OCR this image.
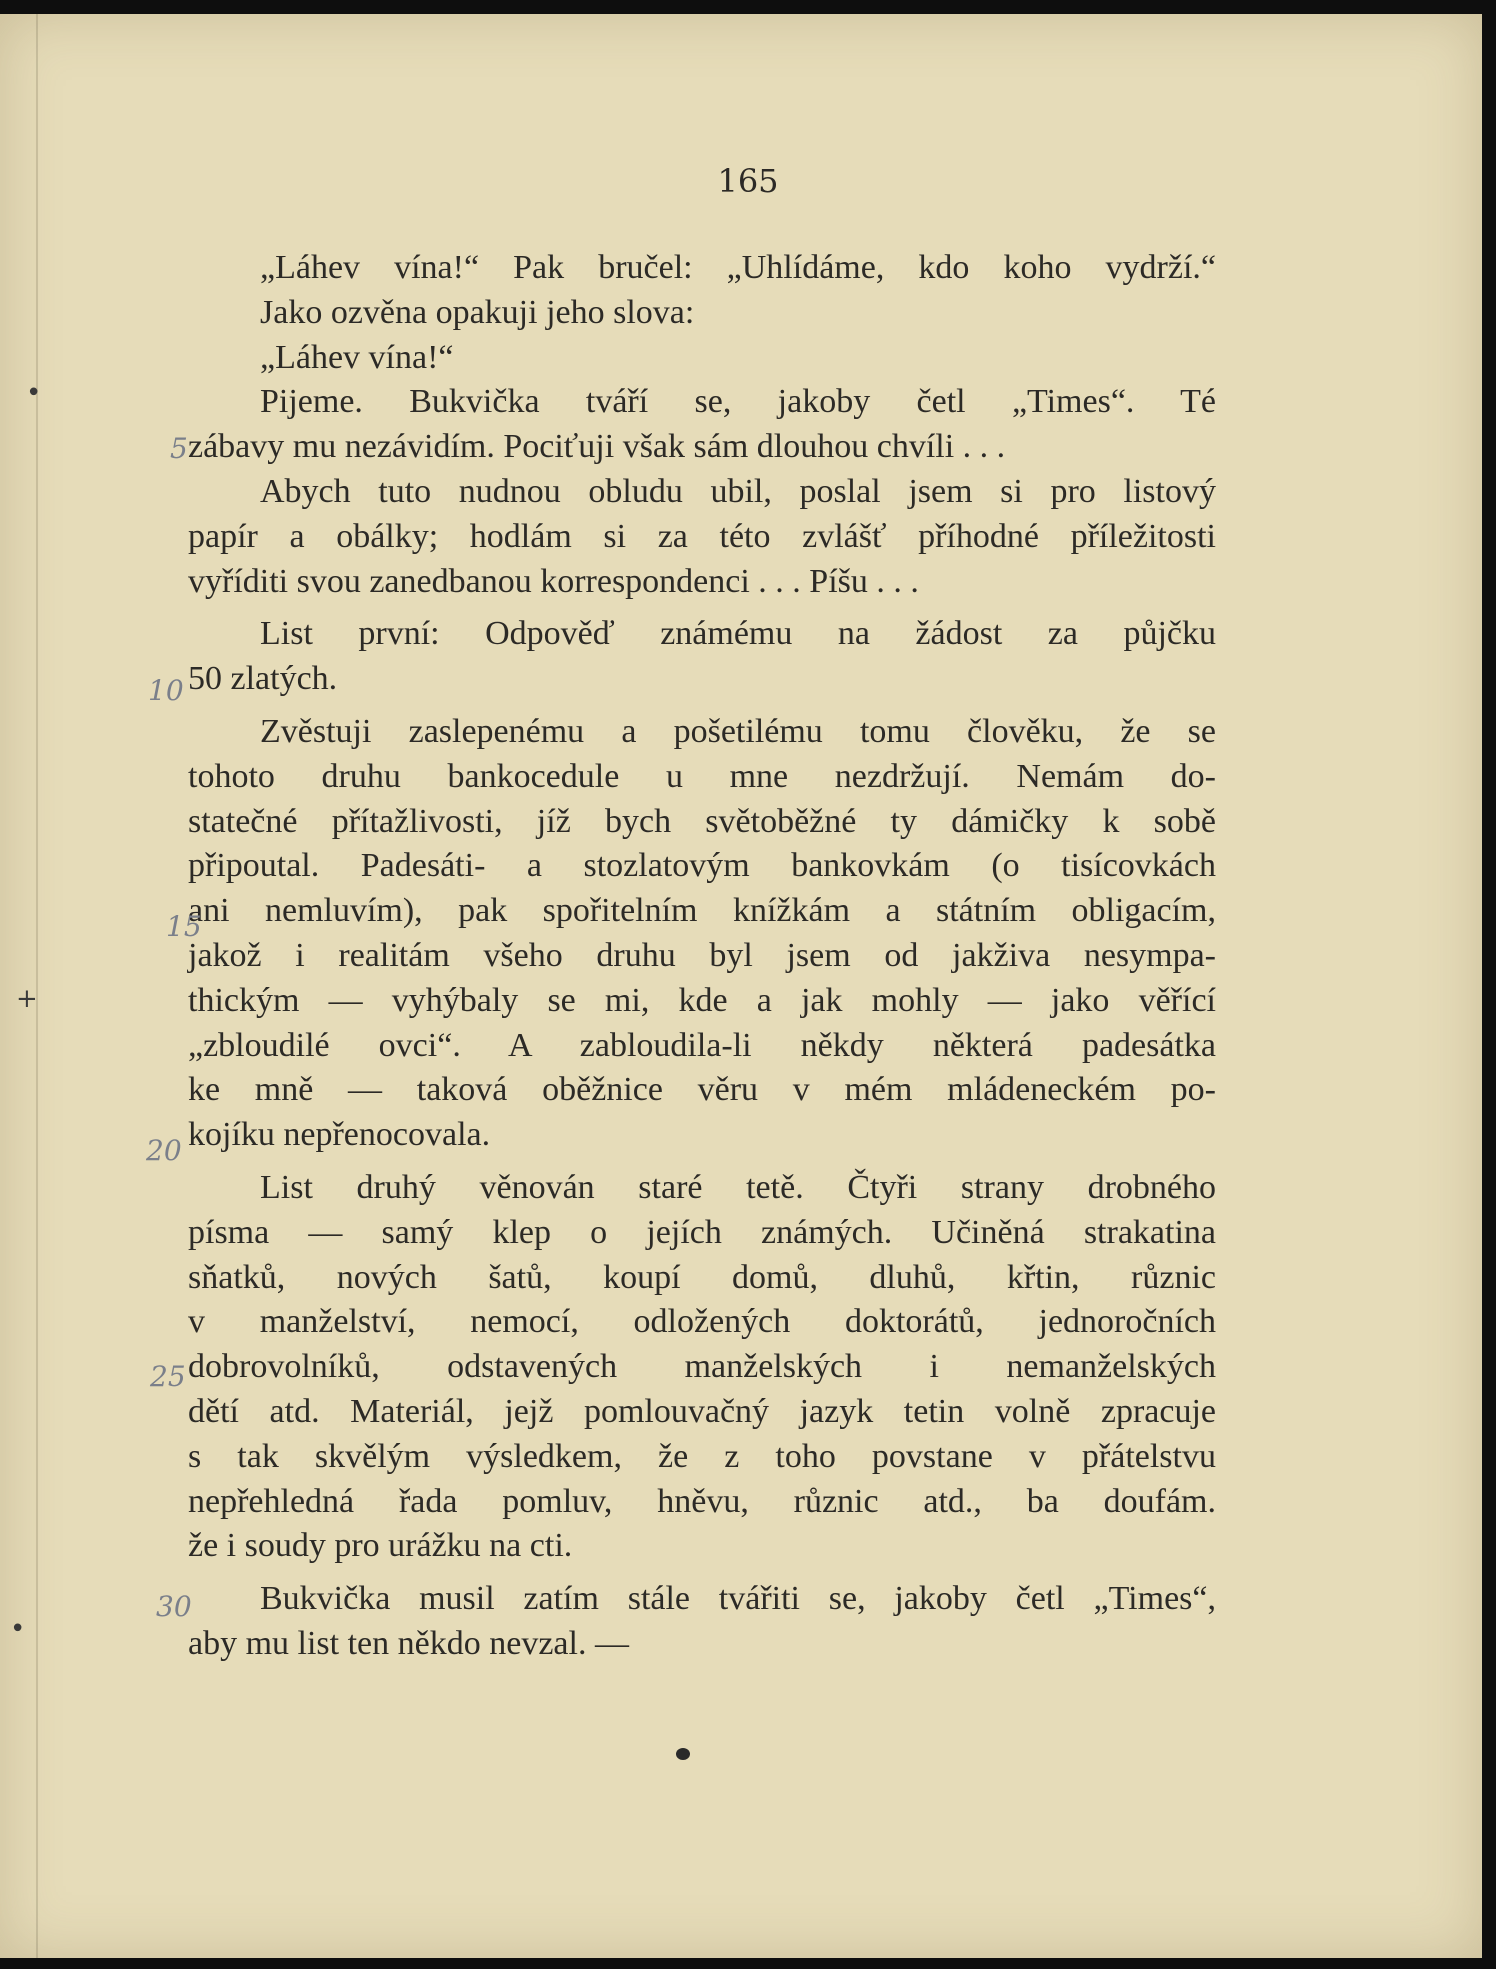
165
„Láhev vína!“ Pak bručel: „Uhlídáme, kdo koho vydrží.“
Jako ozvěna opakuji jeho slova:
„Láhev vína!“
Pijeme. Bukvička tváří se, jakoby četl „Times“. Té
zábavy mu nezávidím. Pociťuji však sám dlouhou chvíli . . .
Abych tuto nudnou obludu ubil, poslal jsem si pro listový
papír a obálky; hodlám si za této zvlášť příhodné příležitosti
vyříditi svou zanedbanou korrespondenci . . . Píšu . . .
List první: Odpověď známému na žádost za půjčku
50 zlatých.
Zvěstuji zaslepenému a pošetilému tomu člověku, že se
tohoto druhu bankocedule u mne nezdržují. Nemám do-
statečné přítažlivosti, jíž bych světoběžné ty dámičky k sobě
připoutal. Padesáti- a stozlatovým bankovkám (o tisícovkách
ani nemluvím), pak spořitelním knížkám a státním obligacím,
jakož i realitám všeho druhu byl jsem od jakživa nesympa-
thickým — vyhýbaly se mi, kde a jak mohly — jako věřící
„zbloudilé ovci“. A zabloudila-li někdy některá padesátka
ke mně — taková oběžnice věru v mém mládeneckém po-
kojíku nepřenocovala.
List druhý věnován staré tetě. Čtyři strany drobného
písma — samý klep o jejích známých. Učiněná strakatina
sňatků, nových šatů, koupí domů, dluhů, křtin, různic
v manželství, nemocí, odložených doktorátů, jednoročních
dobrovolníků, odstavených manželských i nemanželských
dětí atd. Materiál, jejž pomlouvačný jazyk tetin volně zpracuje
s tak skvělým výsledkem, že z toho povstane v přátelstvu
nepřehledná řada pomluv, hněvu, různic atd., ba doufám.
že i soudy pro urážku na cti.
Bukvička musil zatím stále tvářiti se, jakoby četl „Times“,
aby mu list ten někdo nevzal. —
5
10
15
20
25
30
•
+
•
